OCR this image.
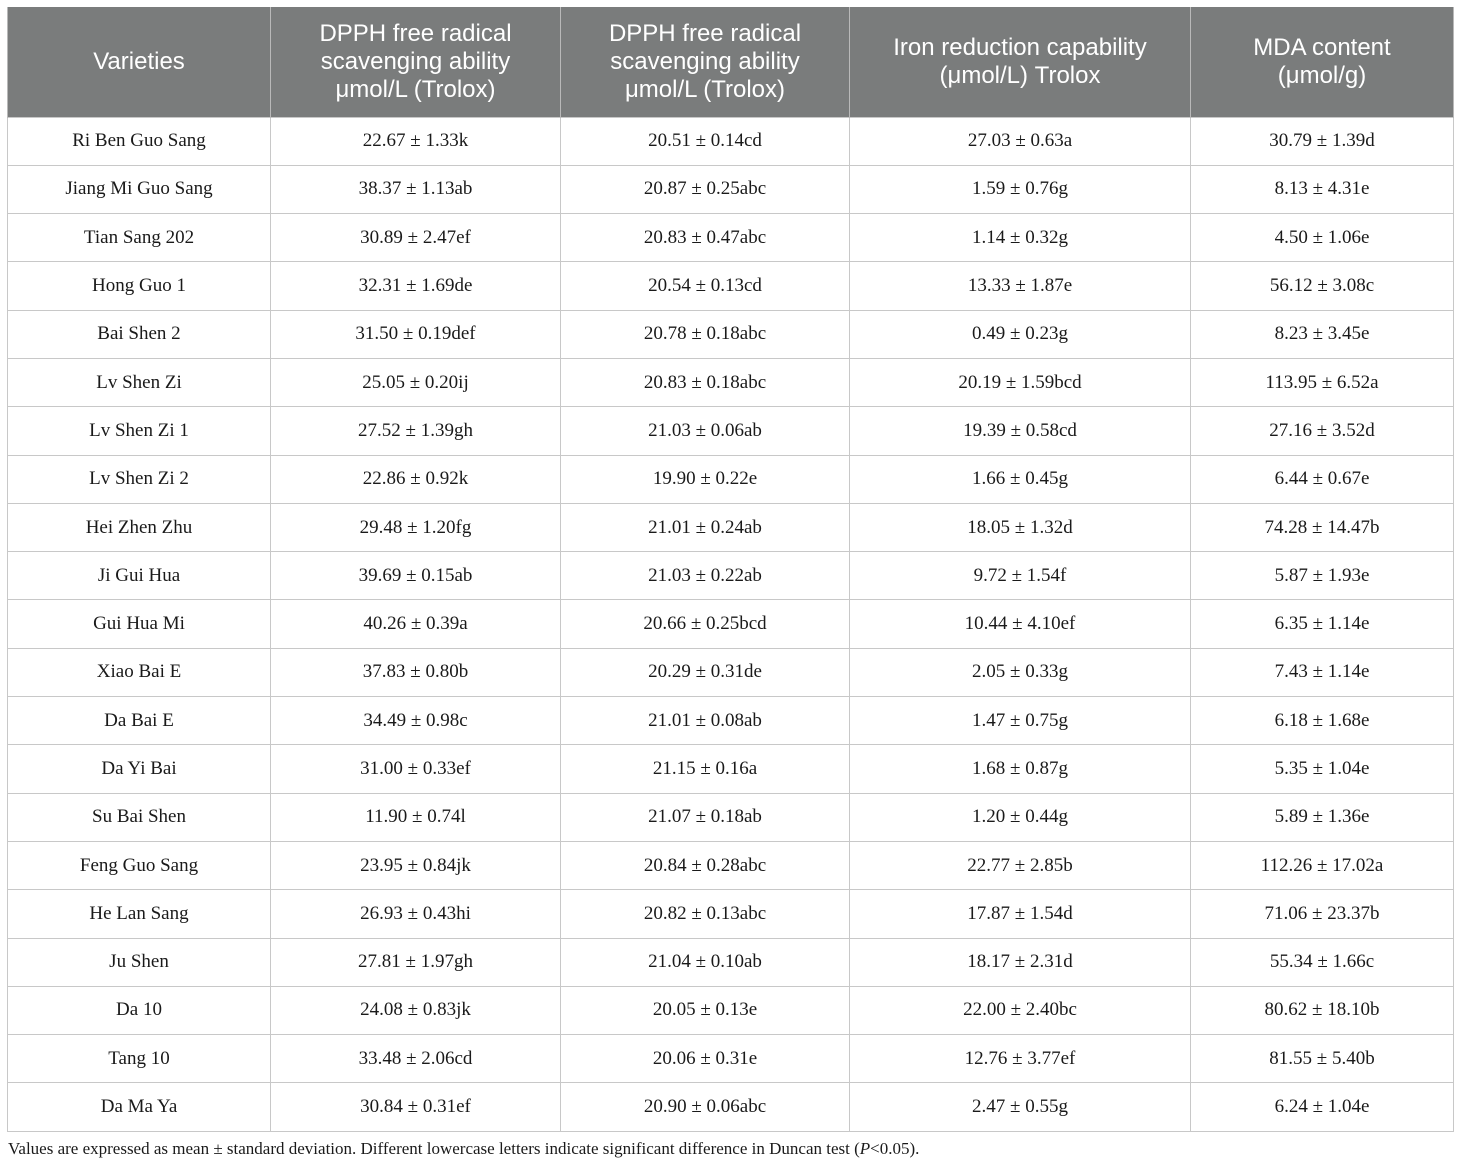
Varieties	DPPH free radical
scavenging ability
μmol/L (Trolox)	DPPH free radical
scavenging ability
μmol/L (Trolox)	Iron reduction capability
(μmol/L) Trolox	MDA content
(μmol/g)

Ri Ben Guo Sang	22.67 ± 1.33k	20.51 ± 0.14cd	27.03 ± 0.63a	30.79 ± 1.39d
Jiang Mi Guo Sang	38.37 ± 1.13ab	20.87 ± 0.25abc	1.59 ± 0.76g	8.13 ± 4.31e
Tian Sang 202	30.89 ± 2.47ef	20.83 ± 0.47abc	1.14 ± 0.32g	4.50 ± 1.06e
Hong Guo 1	32.31 ± 1.69de	20.54 ± 0.13cd	13.33 ± 1.87e	56.12 ± 3.08c
Bai Shen 2	31.50 ± 0.19def	20.78 ± 0.18abc	0.49 ± 0.23g	8.23 ± 3.45e
Lv Shen Zi	25.05 ± 0.20ij	20.83 ± 0.18abc	20.19 ± 1.59bcd	113.95 ± 6.52a
Lv Shen Zi 1	27.52 ± 1.39gh	21.03 ± 0.06ab	19.39 ± 0.58cd	27.16 ± 3.52d
Lv Shen Zi 2	22.86 ± 0.92k	19.90 ± 0.22e	1.66 ± 0.45g	6.44 ± 0.67e
Hei Zhen Zhu	29.48 ± 1.20fg	21.01 ± 0.24ab	18.05 ± 1.32d	74.28 ± 14.47b
Ji Gui Hua	39.69 ± 0.15ab	21.03 ± 0.22ab	9.72 ± 1.54f	5.87 ± 1.93e
Gui Hua Mi	40.26 ± 0.39a	20.66 ± 0.25bcd	10.44 ± 4.10ef	6.35 ± 1.14e
Xiao Bai E	37.83 ± 0.80b	20.29 ± 0.31de	2.05 ± 0.33g	7.43 ± 1.14e
Da Bai E	34.49 ± 0.98c	21.01 ± 0.08ab	1.47 ± 0.75g	6.18 ± 1.68e
Da Yi Bai	31.00 ± 0.33ef	21.15 ± 0.16a	1.68 ± 0.87g	5.35 ± 1.04e
Su Bai Shen	11.90 ± 0.74l	21.07 ± 0.18ab	1.20 ± 0.44g	5.89 ± 1.36e
Feng Guo Sang	23.95 ± 0.84jk	20.84 ± 0.28abc	22.77 ± 2.85b	112.26 ± 17.02a
He Lan Sang	26.93 ± 0.43hi	20.82 ± 0.13abc	17.87 ± 1.54d	71.06 ± 23.37b
Ju Shen	27.81 ± 1.97gh	21.04 ± 0.10ab	18.17 ± 2.31d	55.34 ± 1.66c
Da 10	24.08 ± 0.83jk	20.05 ± 0.13e	22.00 ± 2.40bc	80.62 ± 18.10b
Tang 10	33.48 ± 2.06cd	20.06 ± 0.31e	12.76 ± 3.77ef	81.55 ± 5.40b
Da Ma Ya	30.84 ± 0.31ef	20.90 ± 0.06abc	2.47 ± 0.55g	6.24 ± 1.04e
Values are expressed as mean ± standard deviation. Different lowercase letters indicate significant difference in Duncan test (P<0.05).
